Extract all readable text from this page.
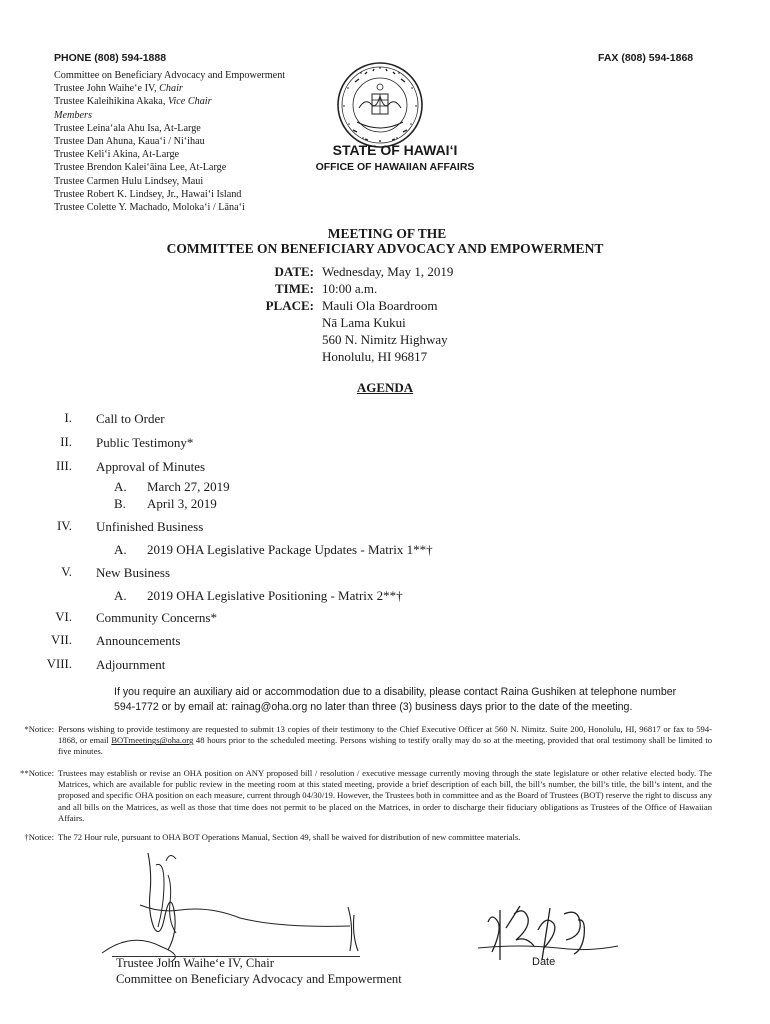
PHONE (808) 594-1888	FAX (808) 594-1868
Committee on Beneficiary Advocacy and Empowerment
Trustee John Waihe‘e IV, Chair
Trustee Kaleihikina Akaka, Vice Chair
Members
Trustee Leina‘ala Ahu Isa, At-Large
Trustee Dan Ahuna, Kaua‘i / Ni‘ihau
Trustee Keli‘i Akina, At-Large
Trustee Brendon Kalei‘āina Lee, At-Large
Trustee Carmen Hulu Lindsey, Maui
Trustee Robert K. Lindsey, Jr., Hawai‘i Island
Trustee Colette Y. Machado, Moloka‘i / Lāna‘i
STATE OF HAWAI‘I
OFFICE OF HAWAIIAN AFFAIRS
MEETING OF THE
COMMITTEE ON BENEFICIARY ADVOCACY AND EMPOWERMENT
DATE: Wednesday, May 1, 2019
TIME: 10:00 a.m.
PLACE: Mauli Ola Boardroom
Nā Lama Kukui
560 N. Nimitz Highway
Honolulu, HI 96817
AGENDA
I. Call to Order
II. Public Testimony*
III. Approval of Minutes
A. March 27, 2019
B. April 3, 2019
IV. Unfinished Business
A. 2019 OHA Legislative Package Updates - Matrix 1**†
V. New Business
A. 2019 OHA Legislative Positioning - Matrix 2**†
VI. Community Concerns*
VII. Announcements
VIII. Adjournment
If you require an auxiliary aid or accommodation due to a disability, please contact Raina Gushiken at telephone number
594-1772 or by email at: rainag@oha.org no later than three (3) business days prior to the date of the meeting.
*Notice: Persons wishing to provide testimony are requested to submit 13 copies of their testimony to the Chief Executive Officer at 560 N. Nimitz. Suite 200, Honolulu, HI, 96817 or fax to 594-1868, or email BOTmeetings@oha.org 48 hours prior to the scheduled meeting. Persons wishing to testify orally may do so at the meeting, provided that oral testimony shall be limited to five minutes.
**Notice: Trustees may establish or revise an OHA position on ANY proposed bill / resolution / executive message currently moving through the state legislature or other relative elected body. The Matrices, which are available for public review in the meeting room at this stated meeting, provide a brief description of each bill, the bill’s number, the bill’s title, the bill’s intent, and the proposed and specific OHA position on each measure, current through 04/30/19. However, the Trustees both in committee and as the Board of Trustees (BOT) reserve the right to discuss any and all bills on the Matrices, as well as those that time does not permit to be placed on the Matrices, in order to discharge their fiduciary obligations as Trustees of the Office of Hawaiian Affairs.
†Notice: The 72 Hour rule, pursuant to OHA BOT Operations Manual, Section 49, shall be waived for distribution of new committee materials.
Trustee John Waihe‘e IV, Chair
Committee on Beneficiary Advocacy and Empowerment
Date
